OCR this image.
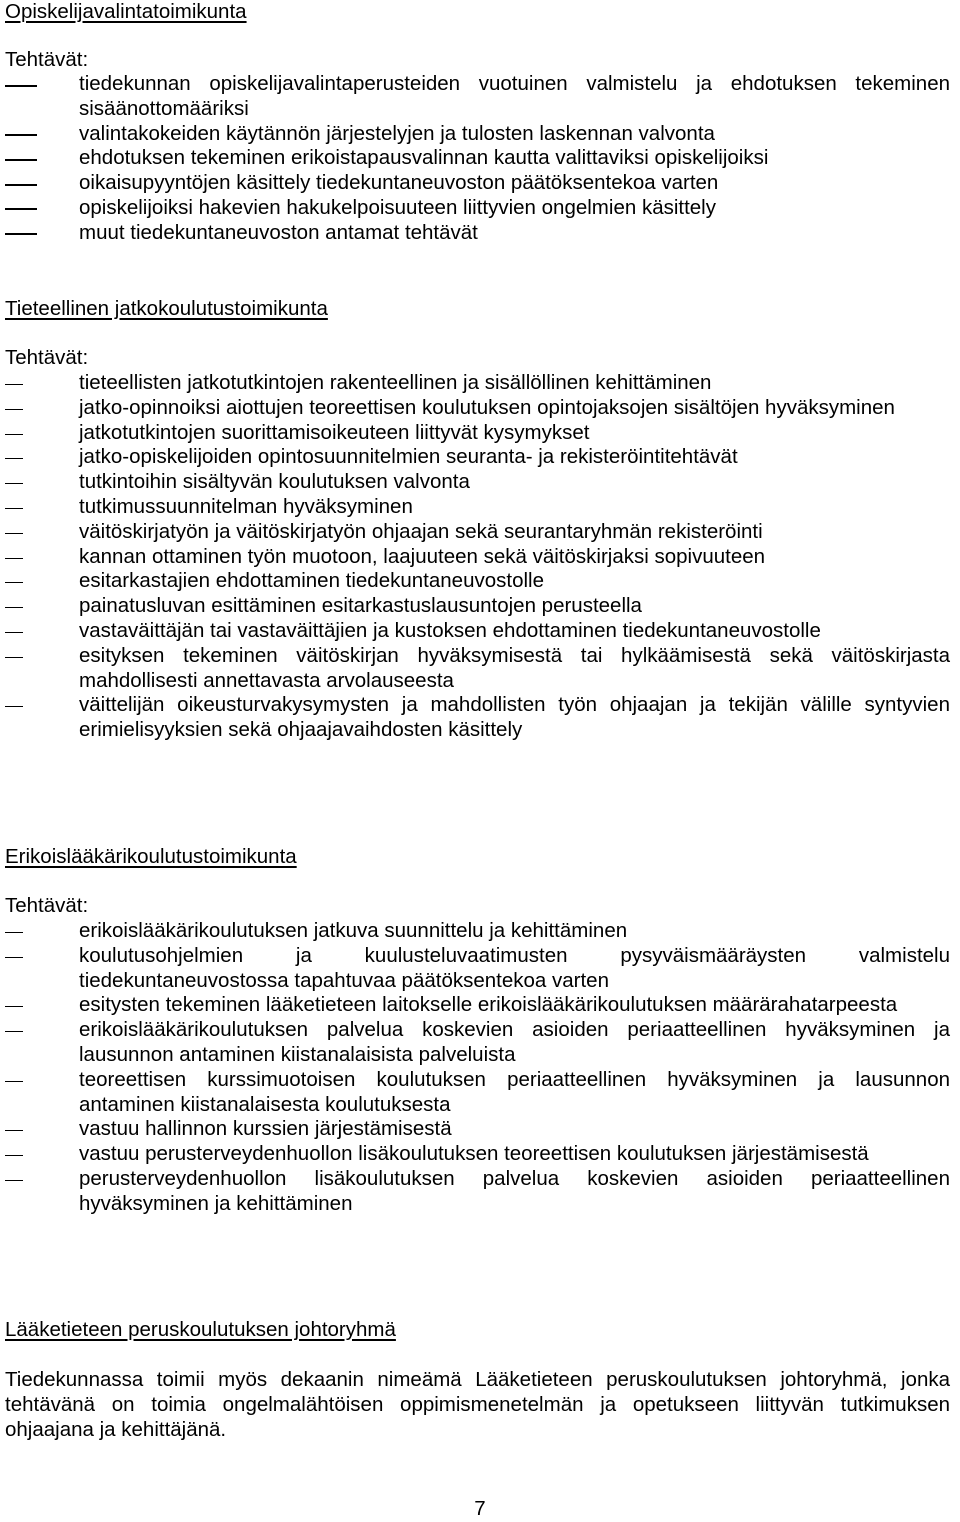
Opiskelijavalintatoimikunta
Tehtävät:
tiedekunnan opiskelijavalintaperusteiden vuotuinen valmistelu ja ehdotuksen tekeminen sisäänottomääriksi
valintakokeiden käytännön järjestelyjen ja tulosten laskennan valvonta
ehdotuksen tekeminen erikoistapausvalinnan kautta valittaviksi opiskelijoiksi
oikaisupyyntöjen käsittely tiedekuntaneuvoston päätöksentekoa varten
opiskelijoiksi hakevien hakukelpoisuuteen liittyvien ongelmien käsittely
muut tiedekuntaneuvoston antamat tehtävät
Tieteellinen jatkokoulutustoimikunta
Tehtävät:
tieteellisten jatkotutkintojen rakenteellinen ja sisällöllinen kehittäminen
jatko-opinnoiksi aiottujen teoreettisen koulutuksen opintojaksojen sisältöjen hyväksyminen
jatkotutkintojen suorittamisoikeuteen liittyvät kysymykset
jatko-opiskelijoiden opintosuunnitelmien seuranta- ja rekisteröintitehtävät
tutkintoihin sisältyvän koulutuksen valvonta
tutkimussuunnitelman hyväksyminen
väitöskirjatyön ja väitöskirjatyön ohjaajan sekä seurantaryhmän rekisteröinti
kannan ottaminen työn muotoon, laajuuteen sekä väitöskirjaksi sopivuuteen
esitarkastajien ehdottaminen tiedekuntaneuvostolle
painatusluvan esittäminen esitarkastuslausuntojen perusteella
vastaväittäjän tai vastaväittäjien ja kustoksen ehdottaminen tiedekuntaneuvostolle
esityksen tekeminen väitöskirjan hyväksymisestä tai hylkäämisestä sekä väitöskirjasta mahdollisesti annettavasta arvolauseesta
väittelijän oikeusturvakysymysten ja mahdollisten työn ohjaajan ja tekijän välille syntyvien erimielisyyksien sekä ohjaajavaihdosten käsittely
Erikoislääkärikoulutustoimikunta
Tehtävät:
erikoislääkärikoulutuksen jatkuva suunnittelu ja kehittäminen
koulutusohjelmien ja kuulusteluvaatimusten pysyväismääräysten valmistelu tiedekuntaneuvostossa tapahtuvaa päätöksentekoa varten
esitysten tekeminen lääketieteen laitokselle erikoislääkärikoulutuksen määrärahatarpeesta
erikoislääkärikoulutuksen palvelua koskevien asioiden periaatteellinen hyväksyminen ja lausunnon antaminen kiistanalaisista palveluista
teoreettisen kurssimuotoisen koulutuksen periaatteellinen hyväksyminen ja lausunnon antaminen kiistanalaisesta koulutuksesta
vastuu hallinnon kurssien järjestämisestä
vastuu perusterveydenhuollon lisäkoulutuksen teoreettisen koulutuksen järjestämisestä
perusterveydenhuollon lisäkoulutuksen palvelua koskevien asioiden periaatteellinen hyväksyminen ja kehittäminen
Lääketieteen peruskoulutuksen johtoryhmä

Tiedekunnassa toimii myös dekaanin nimeämä Lääketieteen peruskoulutuksen johtoryhmä, jonka tehtävänä on toimia ongelmalähtöisen oppimismenetelmän ja opetukseen liittyvän tutkimuksen ohjaajana ja kehittäjänä.

7
